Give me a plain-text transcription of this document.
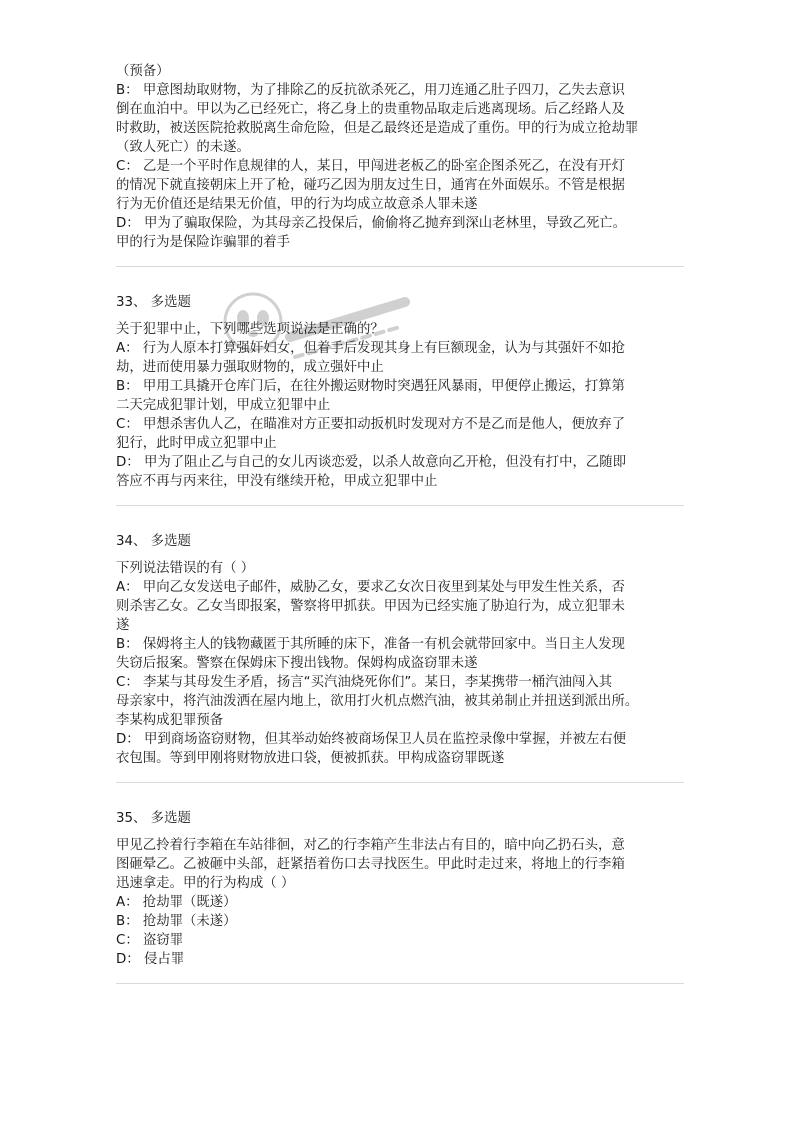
（预备）

B： 甲意图劫取财物，为了排除乙的反抗欲杀死乙，用刀连通乙肚子四刀，乙失去意识

倒在血泊中。甲以为乙已经死亡，将乙身上的贵重物品取走后逃离现场。后乙经路人及

时救助，被送医院抢救脱离生命危险，但是乙最终还是造成了重伤。甲的行为成立抢劫罪

（致人死亡）的未遂。

C： 乙是一个平时作息规律的人，某日，甲闯进老板乙的卧室企图杀死乙，在没有开灯

的情况下就直接朝床上开了枪，碰巧乙因为朋友过生日，通宵在外面娱乐。不管是根据

行为无价值还是结果无价值，甲的行为均成立故意杀人罪未遂

D： 甲为了骗取保险，为其母亲乙投保后，偷偷将乙抛弃到深山老林里，导致乙死亡。

甲的行为是保险诈骗罪的着手

33、 多选题

关于犯罪中止，下列哪些选项说法是正确的？

A： 行为人原本打算强奸妇女，但着手后发现其身上有巨额现金，认为与其强奸不如抢

劫，进而使用暴力强取财物的，成立强奸中止

B： 甲用工具撬开仓库门后，在往外搬运财物时突遇狂风暴雨，甲便停止搬运，打算第

二天完成犯罪计划，甲成立犯罪中止

C： 甲想杀害仇人乙，在瞄准对方正要扣动扳机时发现对方不是乙而是他人，便放弃了

犯行，此时甲成立犯罪中止

D： 甲为了阻止乙与自己的女儿丙谈恋爱，以杀人故意向乙开枪，但没有打中，乙随即

答应不再与丙来往，甲没有继续开枪，甲成立犯罪中止

34、 多选题

下列说法错误的有（ ）

A： 甲向乙女发送电子邮件，威胁乙女，要求乙女次日夜里到某处与甲发生性关系，否

则杀害乙女。乙女当即报案，警察将甲抓获。甲因为已经实施了胁迫行为，成立犯罪未

遂

B： 保姆将主人的钱物藏匿于其所睡的床下，准备一有机会就带回家中。当日主人发现

失窃后报案。警察在保姆床下搜出钱物。保姆构成盗窃罪未遂

C： 李某与其母发生矛盾，扬言“买汽油烧死你们”。某日，李某携带一桶汽油闯入其

母亲家中，将汽油泼洒在屋内地上，欲用打火机点燃汽油，被其弟制止并扭送到派出所。

李某构成犯罪预备

D： 甲到商场盗窃财物，但其举动始终被商场保卫人员在监控录像中掌握，并被左右便

衣包围。等到甲刚将财物放进口袋，便被抓获。甲构成盗窃罪既遂

35、 多选题

甲见乙拎着行李箱在车站徘徊，对乙的行李箱产生非法占有目的，暗中向乙扔石头，意

图砸晕乙。乙被砸中头部，赶紧捂着伤口去寻找医生。甲此时走过来，将地上的行李箱

迅速拿走。甲的行为构成（ ）

A： 抢劫罪（既遂）

B： 抢劫罪（未遂）

C： 盗窃罪

D： 侵占罪
